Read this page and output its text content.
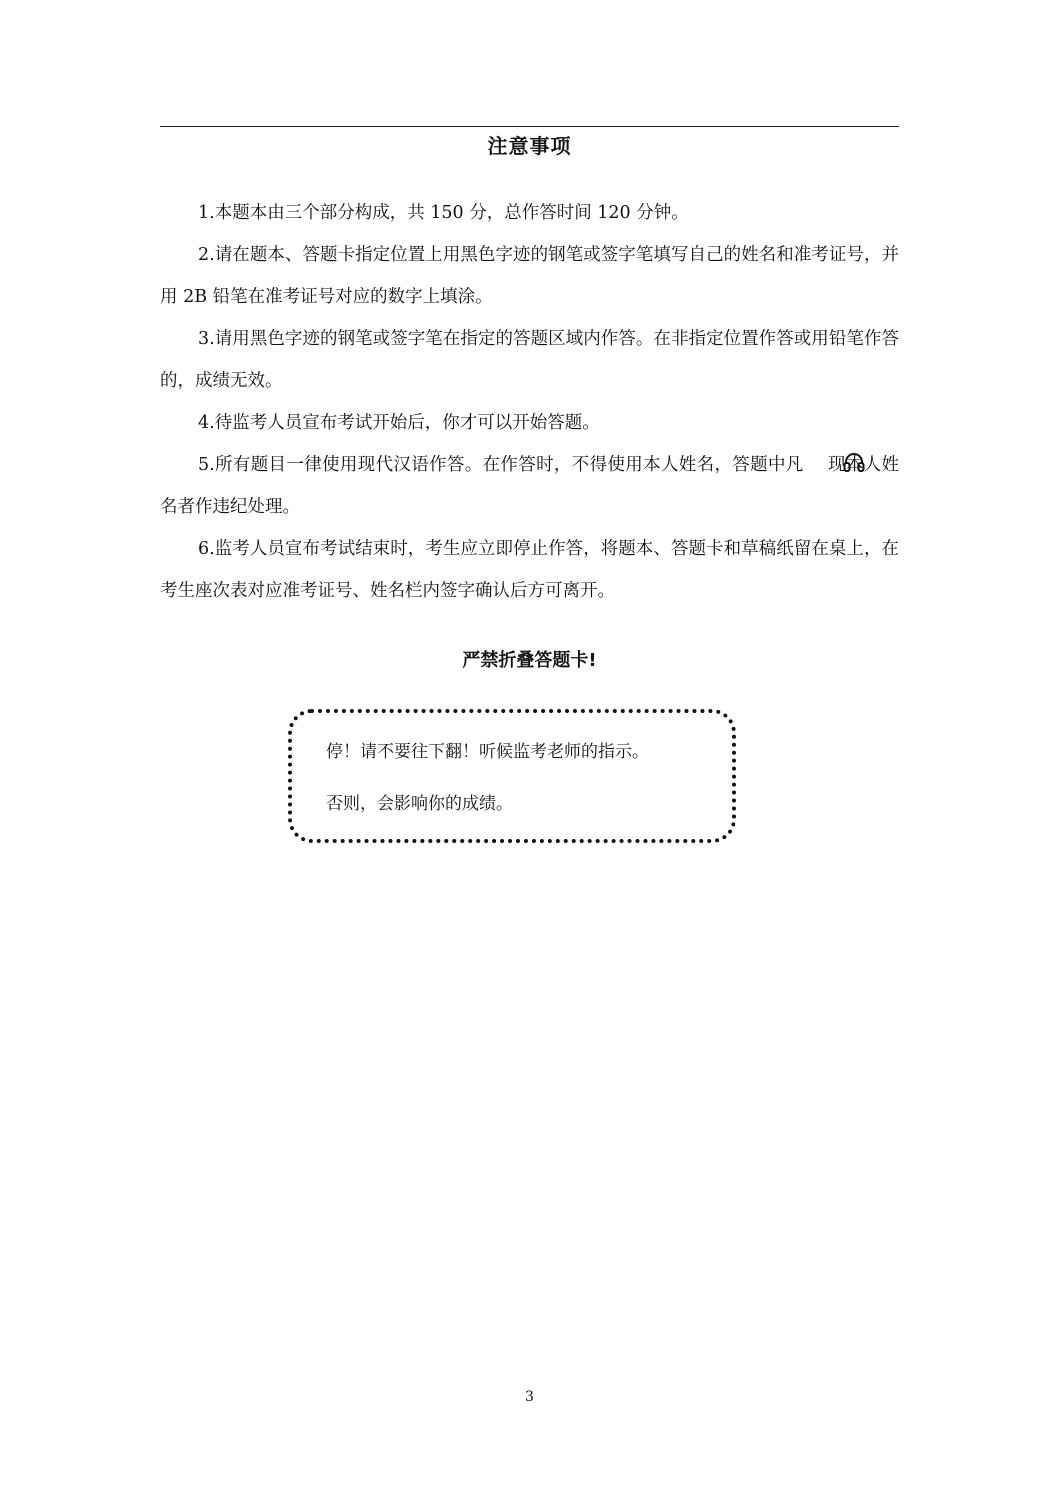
注意事项

1.本题本由三个部分构成，共 150 分，总作答时间 120 分钟。

2.请在题本、答题卡指定位置上用黑色字迹的钢笔或签字笔填写自己的姓名和准考证号，并用 2B 铅笔在准考证号对应的数字上填涂。

3.请用黑色字迹的钢笔或签字笔在指定的答题区域内作答。在非指定位置作答或用铅笔作答的，成绩无效。

4.待监考人员宣布考试开始后，你才可以开始答题。

5.所有题目一律使用现代汉语作答。在作答时，不得使用本人姓名，答题中凡 现本人姓名者作违纪处理。

6.监考人员宣布考试结束时，考生应立即停止作答，将题本、答题卡和草稿纸留在桌上，在考生座次表对应准考证号、姓名栏内签字确认后方可离开。

严禁折叠答题卡!
停！请不要往下翻！听候监考老师的指示。
否则，会影响你的成绩。
3
